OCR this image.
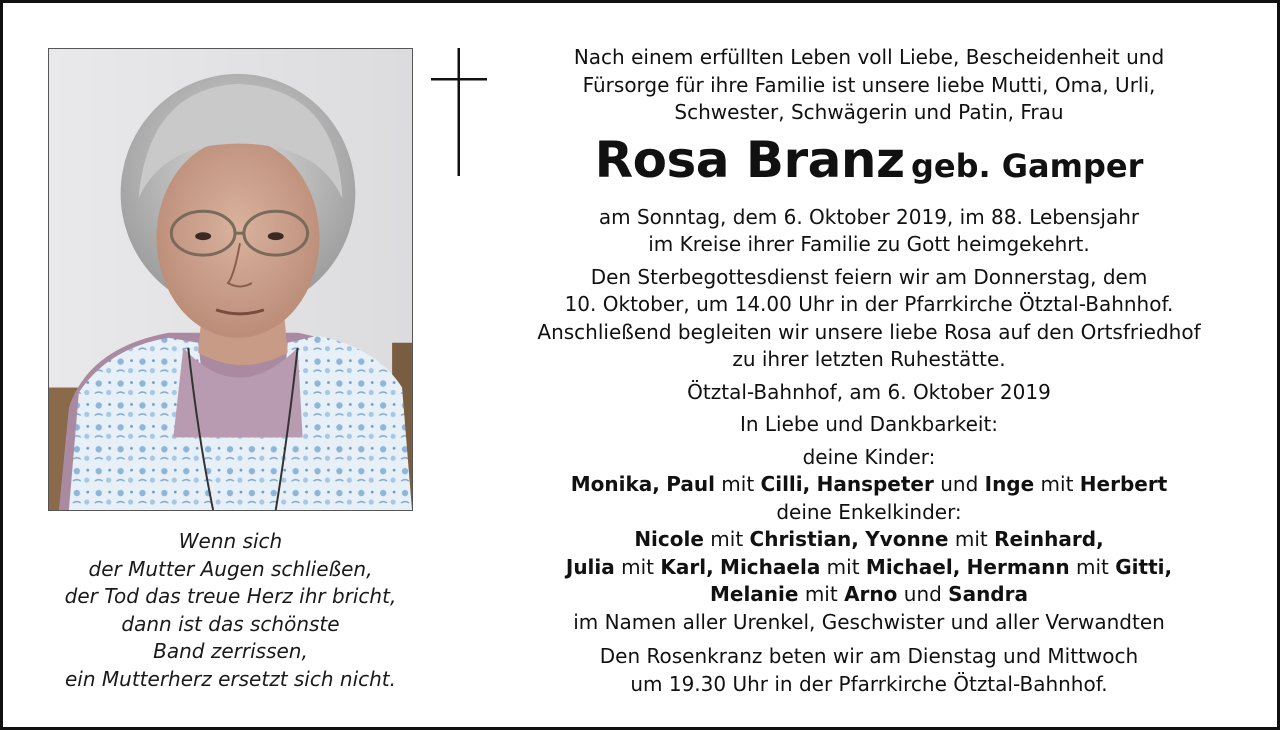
Wenn sich
der Mutter Augen schließen,
der Tod das treue Herz ihr bricht,
dann ist das schönste
Band zerrissen,
ein Mutterherz ersetzt sich nicht.
Nach einem erfüllten Leben voll Liebe, Bescheidenheit und
Fürsorge für ihre Familie ist unsere liebe Mutti, Oma, Urli,
Schwester, Schwägerin und Patin, Frau
Rosa Branz geb. Gamper
am Sonntag, dem 6. Oktober 2019, im 88. Lebensjahr
im Kreise ihrer Familie zu Gott heimgekehrt.
Den Sterbegottesdienst feiern wir am Donnerstag, dem
10. Oktober, um 14.00 Uhr in der Pfarrkirche Ötztal-Bahnhof.
Anschließend begleiten wir unsere liebe Rosa auf den Ortsfriedhof
zu ihrer letzten Ruhestätte.
Ötztal-Bahnhof, am 6. Oktober 2019
In Liebe und Dankbarkeit:
deine Kinder:
Monika, Paul mit Cilli, Hanspeter und Inge mit Herbert
deine Enkelkinder:
Nicole mit Christian, Yvonne mit Reinhard,
Julia mit Karl, Michaela mit Michael, Hermann mit Gitti,
Melanie mit Arno und Sandra
im Namen aller Urenkel, Geschwister und aller Verwandten
Den Rosenkranz beten wir am Dienstag und Mittwoch
um 19.30 Uhr in der Pfarrkirche Ötztal-Bahnhof.
